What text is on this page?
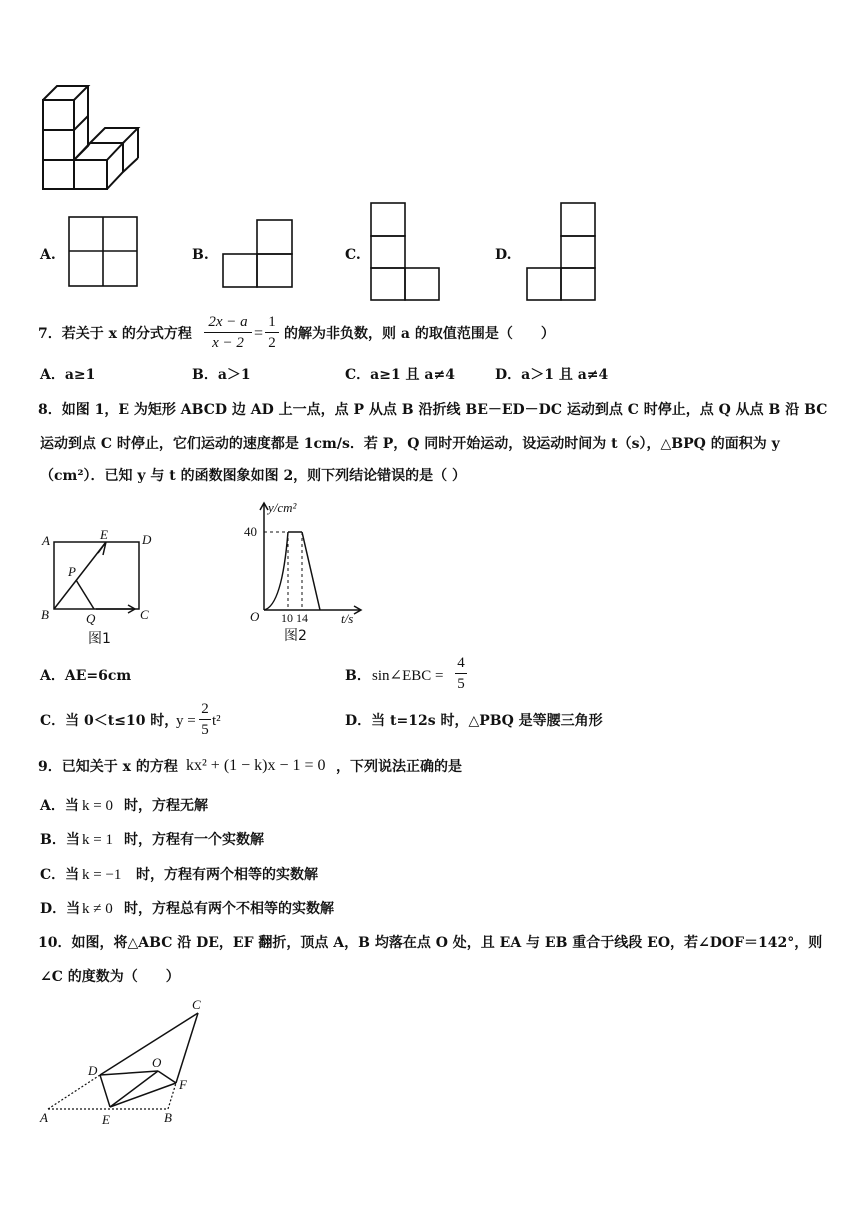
A.	B.	C.	D.
7．若关于 x 的分式方程
2x − a
x − 2
=
1
2
的解为非负数，则 a 的取值范围是（　　）
A．a≥1	B．a＞1	C．a≥1 且 a≠4	D．a＞1 且 a≠4
8．如图 1，E 为矩形 ABCD 边 AD 上一点，点 P 从点 B 沿折线 BE－ED－DC 运动到点 C 时停止，点 Q 从点 B 沿 BC
运动到点 C 时停止，它们运动的速度都是 1cm/s．若 P，Q 同时开始运动，设运动时间为 t（s），△BPQ 的面积为 y
（cm²）．已知 y 与 t 的函数图象如图 2，则下列结论错误的是（ ）
A	E	D
P
B	Q	C
图1
y/cm²
t/s
O
40
10 14
图2
A．AE=6cm	B． sin∠EBC =
4
5
C．当 0＜t≤10 时，
y =
2
5
t²	D．当 t=12s 时，△PBQ 是等腰三角形
9．已知关于 x 的方程 kx² + (1 − k)x − 1 = 0 ，下列说法正确的是
A．当 k = 0 时，方程无解
B．当 k = 1 时，方程有一个实数解
C．当 k = −1 时，方程有两个相等的实数解
D．当 k ≠ 0 时，方程总有两个不相等的实数解
10．如图，将△ABC 沿 DE，EF 翻折，顶点 A，B 均落在点 O 处，且 EA 与 EB 重合于线段 EO，若∠DOF＝142°，则
∠C 的度数为（　　）
C
D
O
F
A	E	B
